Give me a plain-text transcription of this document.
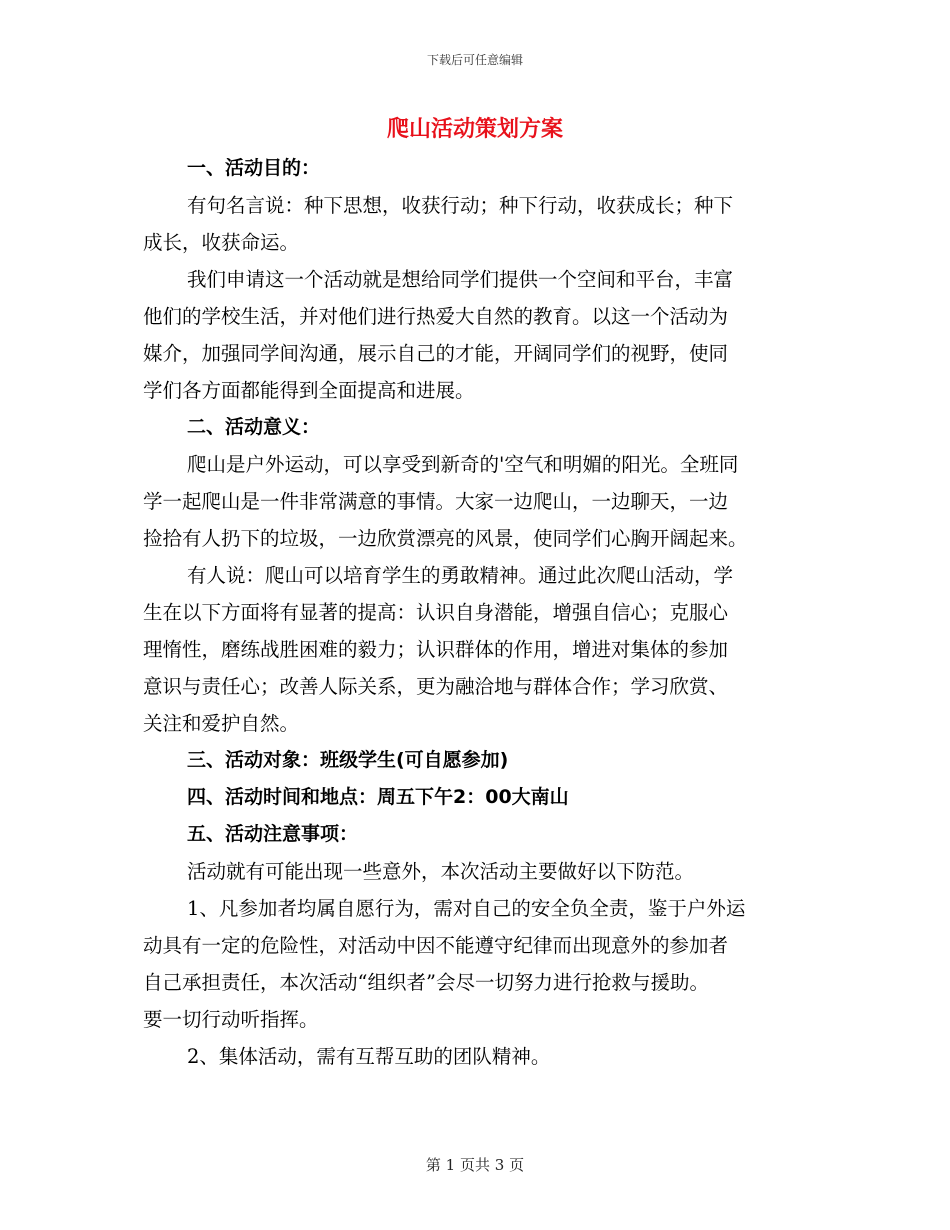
下载后可任意编辑
爬山活动策划方案
一、活动目的：
有句名言说：种下思想，收获行动；种下行动，收获成长；种下
成长，收获命运。
我们申请这一个活动就是想给同学们提供一个空间和平台，丰富
他们的学校生活，并对他们进行热爱大自然的教育。以这一个活动为
媒介，加强同学间沟通，展示自己的才能，开阔同学们的视野，使同
学们各方面都能得到全面提高和进展。
二、活动意义：
爬山是户外运动，可以享受到新奇的'空气和明媚的阳光。全班同
学一起爬山是一件非常满意的事情。大家一边爬山，一边聊天，一边
捡拾有人扔下的垃圾，一边欣赏漂亮的风景，使同学们心胸开阔起来。
有人说：爬山可以培育学生的勇敢精神。通过此次爬山活动，学
生在以下方面将有显著的提高：认识自身潜能，增强自信心；克服心
理惰性，磨练战胜困难的毅力；认识群体的作用，增进对集体的参加
意识与责任心；改善人际关系，更为融洽地与群体合作；学习欣赏、
关注和爱护自然。
三、活动对象：班级学生(可自愿参加)
四、活动时间和地点：周五下午2：00大南山
五、活动注意事项：
活动就有可能出现一些意外，本次活动主要做好以下防范。
1、凡参加者均属自愿行为，需对自己的安全负全责，鉴于户外运
动具有一定的危险性，对活动中因不能遵守纪律而出现意外的参加者
自己承担责任，本次活动“组织者”会尽一切努力进行抢救与援助。
要一切行动听指挥。
2、集体活动，需有互帮互助的团队精神。
第 1 页共 3 页
